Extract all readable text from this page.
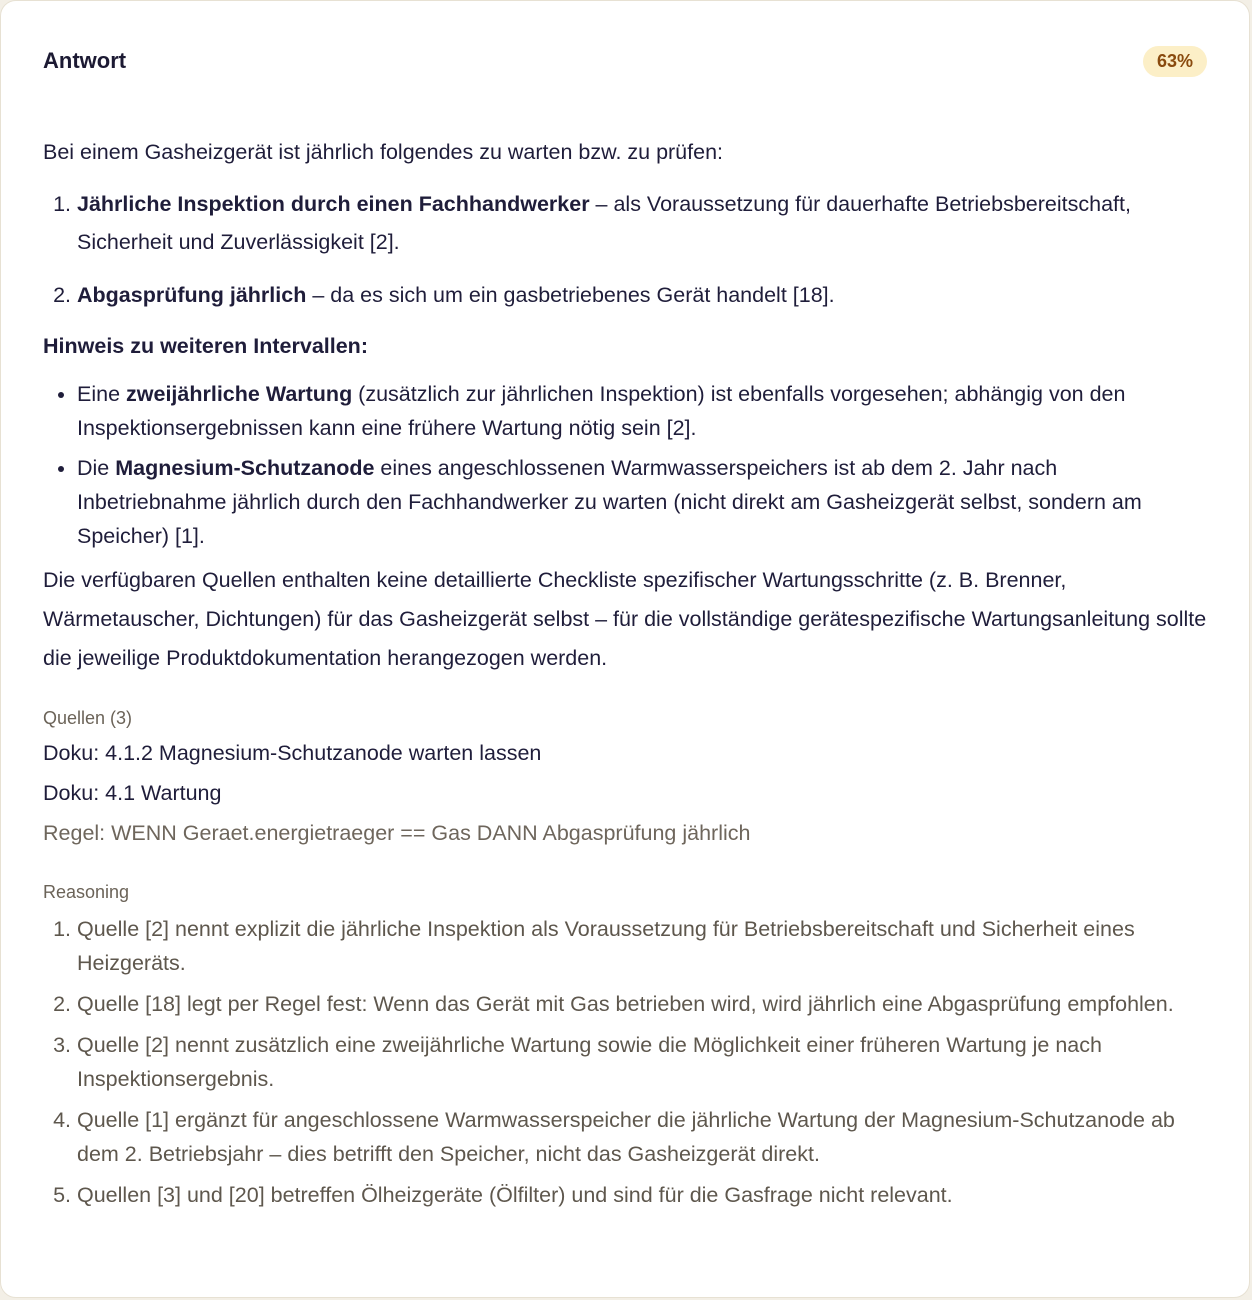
Antwort	63%

Bei einem Gasheizgerät ist jährlich folgendes zu warten bzw. zu prüfen:

1. Jährliche Inspektion durch einen Fachhandwerker – als Voraussetzung für dauerhafte Betriebsbereitschaft, Sicherheit und Zuverlässigkeit [2].
2. Abgasprüfung jährlich – da es sich um ein gasbetriebenes Gerät handelt [18].

Hinweis zu weiteren Intervallen:

• Eine zweijährliche Wartung (zusätzlich zur jährlichen Inspektion) ist ebenfalls vorgesehen; abhängig von den Inspektionsergebnissen kann eine frühere Wartung nötig sein [2].
• Die Magnesium-Schutzanode eines angeschlossenen Warmwasserspeichers ist ab dem 2. Jahr nach Inbetriebnahme jährlich durch den Fachhandwerker zu warten (nicht direkt am Gasheizgerät selbst, sondern am Speicher) [1].

Die verfügbaren Quellen enthalten keine detaillierte Checkliste spezifischer Wartungsschritte (z. B. Brenner, Wärmetauscher, Dichtungen) für das Gasheizgerät selbst – für die vollständige gerätespezifische Wartungsanleitung sollte die jeweilige Produktdokumentation herangezogen werden.

Quellen (3)
Doku: 4.1.2 Magnesium-Schutzanode warten lassen
Doku: 4.1 Wartung
Regel: WENN Geraet.energietraeger == Gas DANN Abgasprüfung jährlich
Reasoning
1. Quelle [2] nennt explizit die jährliche Inspektion als Voraussetzung für Betriebsbereitschaft und Sicherheit eines Heizgeräts.
2. Quelle [18] legt per Regel fest: Wenn das Gerät mit Gas betrieben wird, wird jährlich eine Abgasprüfung empfohlen.
3. Quelle [2] nennt zusätzlich eine zweijährliche Wartung sowie die Möglichkeit einer früheren Wartung je nach Inspektionsergebnis.
4. Quelle [1] ergänzt für angeschlossene Warmwasserspeicher die jährliche Wartung der Magnesium-Schutzanode ab dem 2. Betriebsjahr – dies betrifft den Speicher, nicht das Gasheizgerät direkt.
5. Quellen [3] und [20] betreffen Ölheizgeräte (Ölfilter) und sind für die Gasfrage nicht relevant.
